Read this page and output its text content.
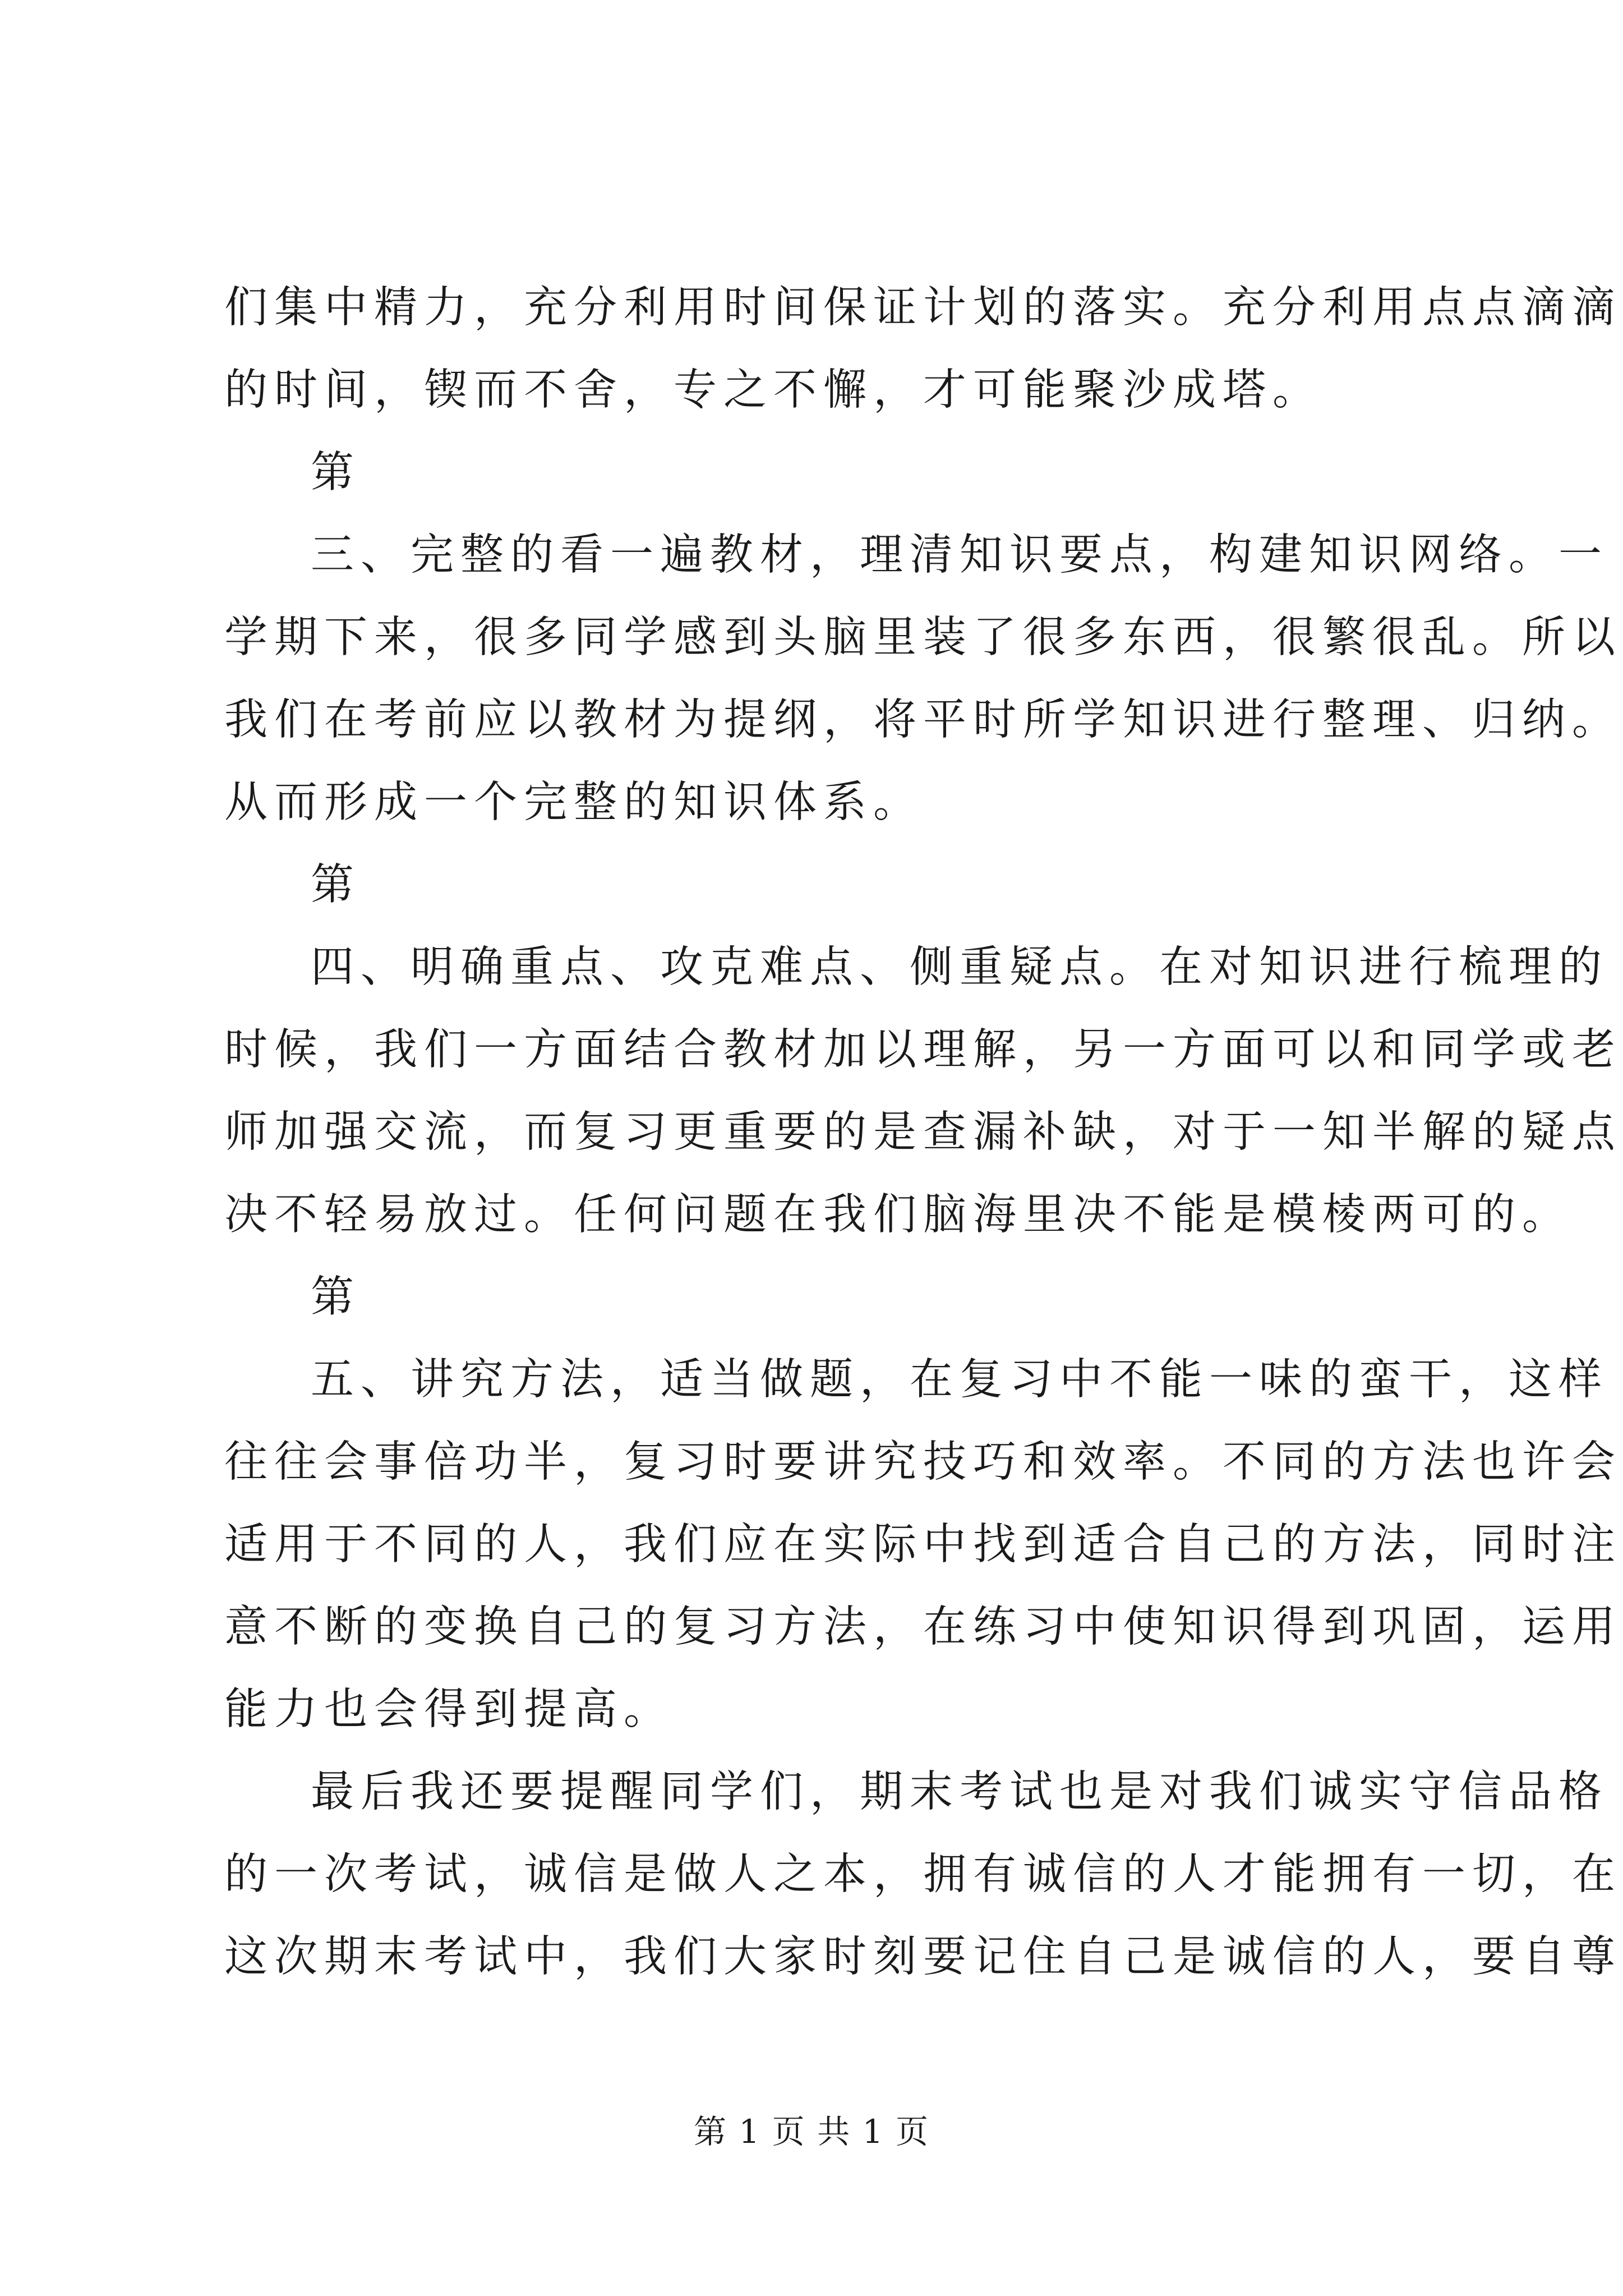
们集中精力，充分利用时间保证计划的落实。充分利用点点滴滴
的时间，锲而不舍，专之不懈，才可能聚沙成塔。
第
三、完整的看一遍教材，理清知识要点，构建知识网络。一
学期下来，很多同学感到头脑里装了很多东西，很繁很乱。所以
我们在考前应以教材为提纲，将平时所学知识进行整理、归纳。
从而形成一个完整的知识体系。
第
四、明确重点、攻克难点、侧重疑点。在对知识进行梳理的
时候，我们一方面结合教材加以理解，另一方面可以和同学或老
师加强交流，而复习更重要的是查漏补缺，对于一知半解的疑点
决不轻易放过。任何问题在我们脑海里决不能是模棱两可的。
第
五、讲究方法，适当做题，在复习中不能一味的蛮干，这样
往往会事倍功半，复习时要讲究技巧和效率。不同的方法也许会
适用于不同的人，我们应在实际中找到适合自己的方法，同时注
意不断的变换自己的复习方法，在练习中使知识得到巩固，运用
能力也会得到提高。
最后我还要提醒同学们，期末考试也是对我们诚实守信品格
的一次考试，诚信是做人之本，拥有诚信的人才能拥有一切，在
这次期末考试中，我们大家时刻要记住自己是诚信的人，要自尊
第 1 页 共 1 页
